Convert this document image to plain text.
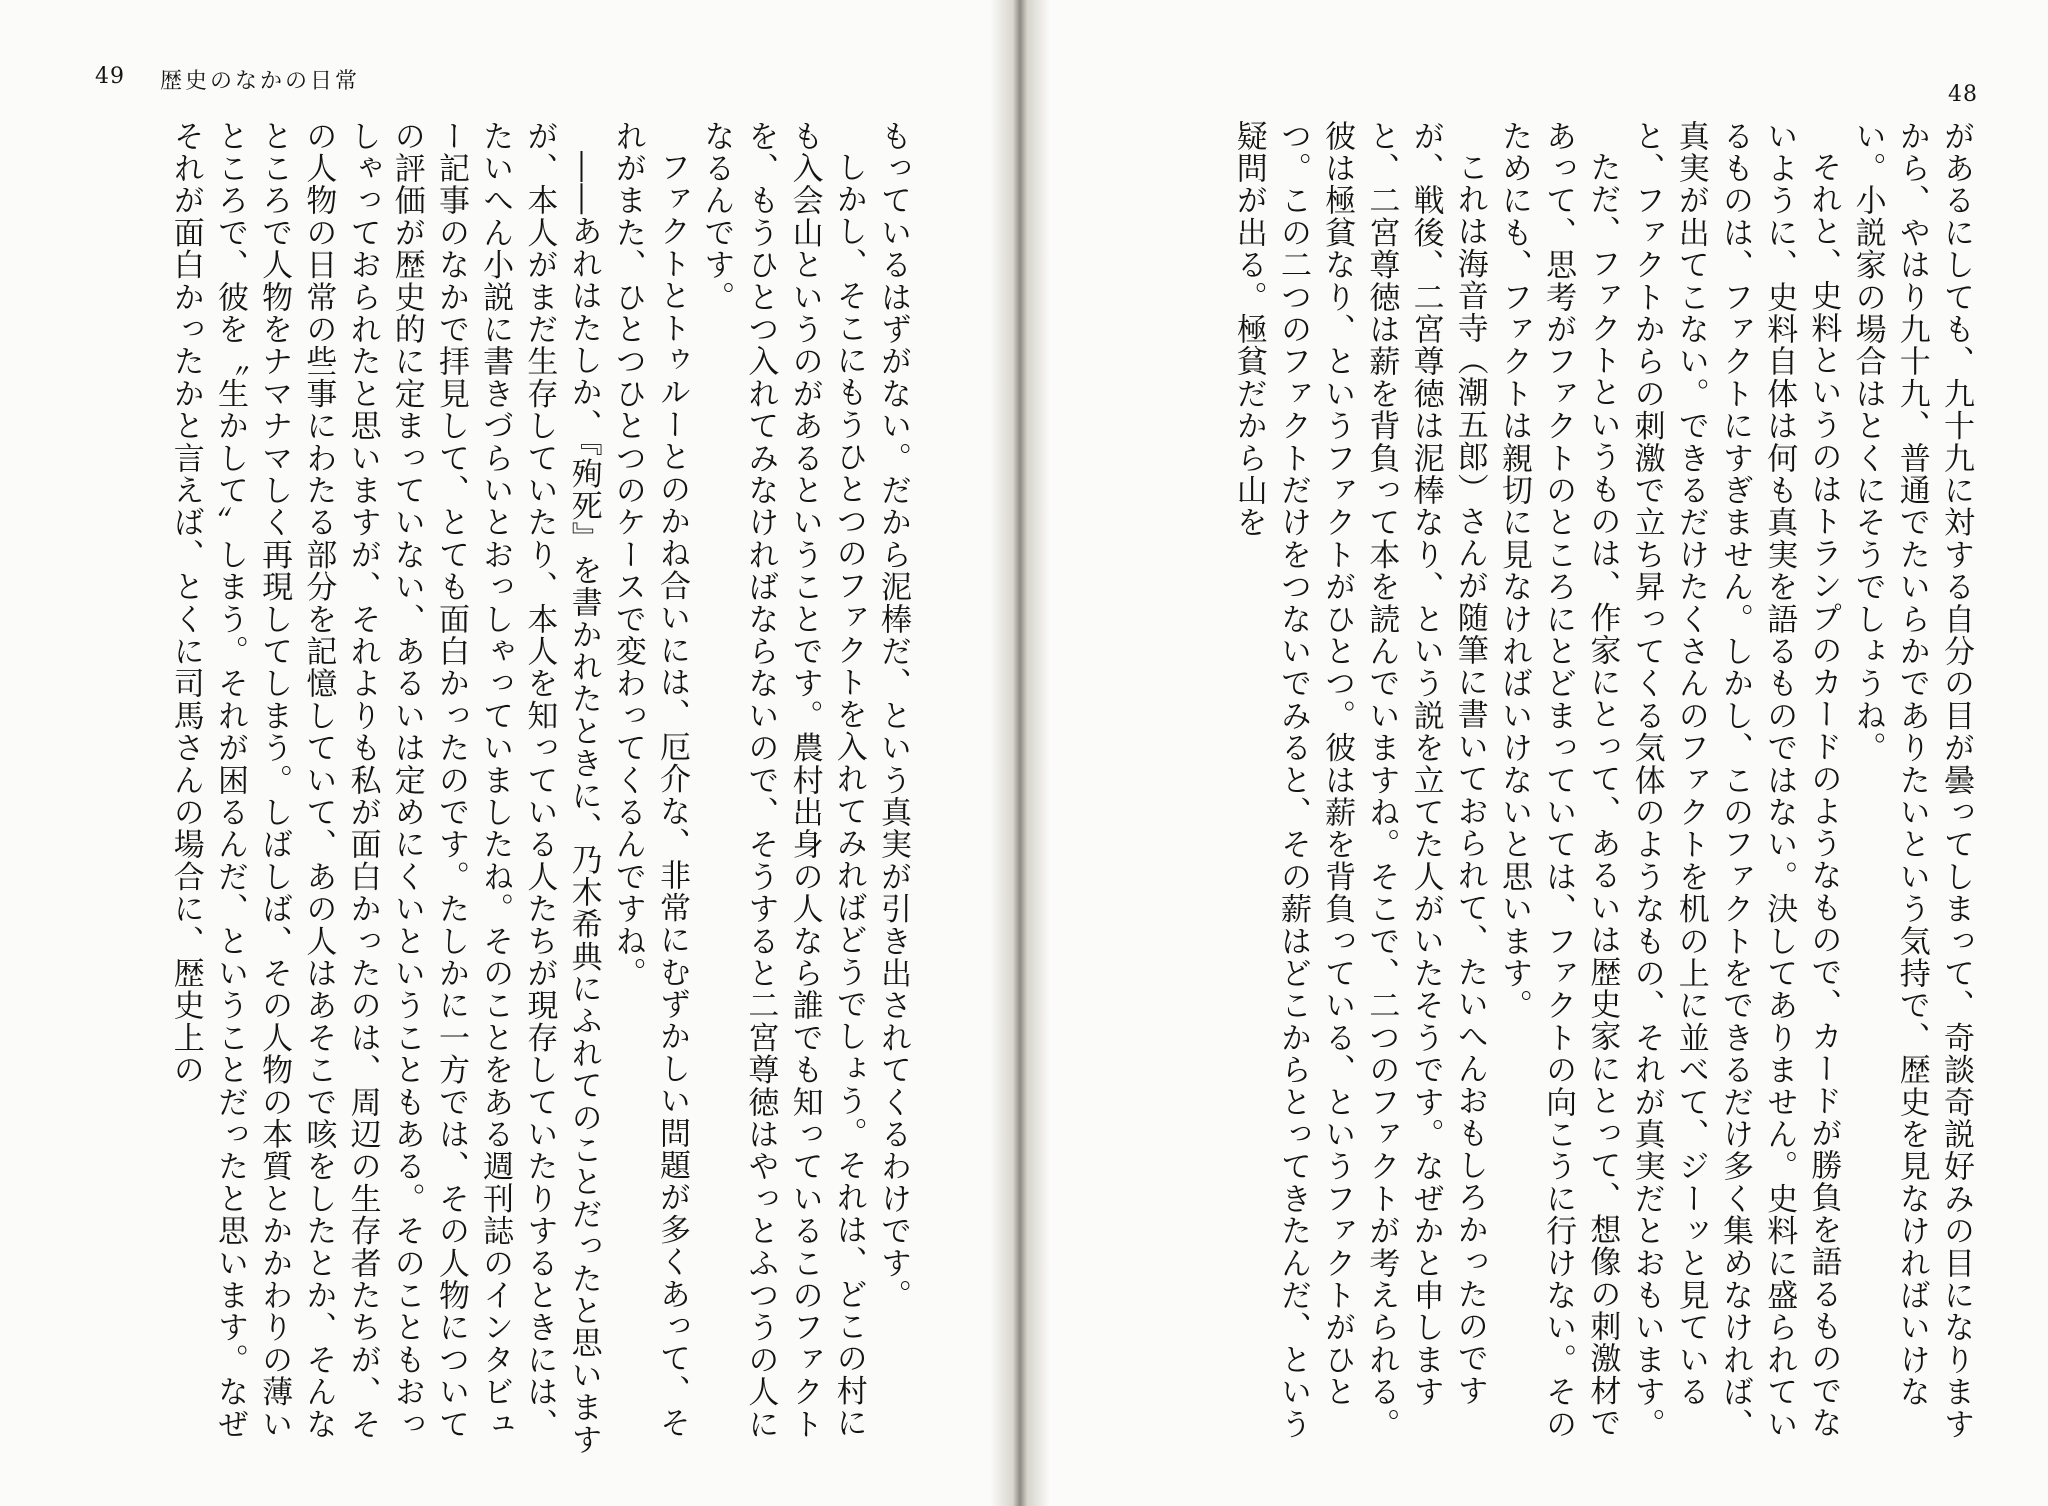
49 歴史のなかの日常

もっているはずがない。だから泥棒だ、という真実が引き出されてくるわけです。

しかし、そこにもうひとつのファクトを入れてみればどうでしょう。それは、どこの村にも入会山というのがあるということです。農村出身の人なら誰でも知っているこのファクトを、もうひとつ入れてみなければならないので、そうすると二宮尊徳はやっとふつうの人になるんです。

ファクトとトゥルーとのかね合いには、厄介な、非常にむずかしい問題が多くあって、それがまた、ひとつひとつのケースで変わってくるんですね。

――あれはたしか、『殉死』を書かれたときに、乃木希典にふれてのことだったと思いますが、本人がまだ生存していたり、本人を知っている人たちが現存していたりするときには、たいへん小説に書きづらいとおっしゃっていましたね。そのことをある週刊誌のインタビュー記事のなかで拝見して、とても面白かったのです。たしかに一方では、その人物についての評価が歴史的に定まっていない、あるいは定めにくいということもある。そのこともおっしゃっておられたと思いますが、それよりも私が面白かったのは、周辺の生存者たちが、その人物の日常の些事にわたる部分を記憶していて、あの人はあそこで咳をしたとか、そんなところで人物をナマナマしく再現してしまう。しばしば、その人物の本質とかかわりの薄いところで、彼を〝生かして〟しまう。それが困るんだ、ということだったと思います。なぜそれが面白かったかと言えば、とくに司馬さんの場合に、歴史上の

48

があるにしても、九十九に対する自分の目が曇ってしまって、奇談奇説好みの目になりますから、やはり九十九、普通でたいらかでありたいという気持で、歴史を見なければいけない。小説家の場合はとくにそうでしょうね。

それと、史料というのはトランプのカードのようなもので、カードが勝負を語るものでないように、史料自体は何も真実を語るものではない。決してありません。史料に盛られているものは、ファクトにすぎません。しかし、このファクトをできるだけ多く集めなければ、真実が出てこない。できるだけたくさんのファクトを机の上に並べて、ジーッと見ていると、ファクトからの刺激で立ち昇ってくる気体のようなもの、それが真実だとおもいます。

ただ、ファクトというものは、作家にとって、あるいは歴史家にとって、想像の刺激材であって、思考がファクトのところにとどまっていては、ファクトの向こうに行けない。そのためにも、ファクトは親切に見なければいけないと思います。

これは海音寺（潮五郎）さんが随筆に書いておられて、たいへんおもしろかったのですが、戦後、二宮尊徳は泥棒なり、という説を立てた人がいたそうです。なぜかと申しますと、二宮尊徳は薪を背負って本を読んでいますね。そこで、二つのファクトが考えられる。彼は極貧なり、というファクトがひとつ。彼は薪を背負っている、というファクトがひとつ。この二つのファクトだけをつないでみると、その薪はどこからとってきたんだ、という疑問が出る。極貧だから山を
